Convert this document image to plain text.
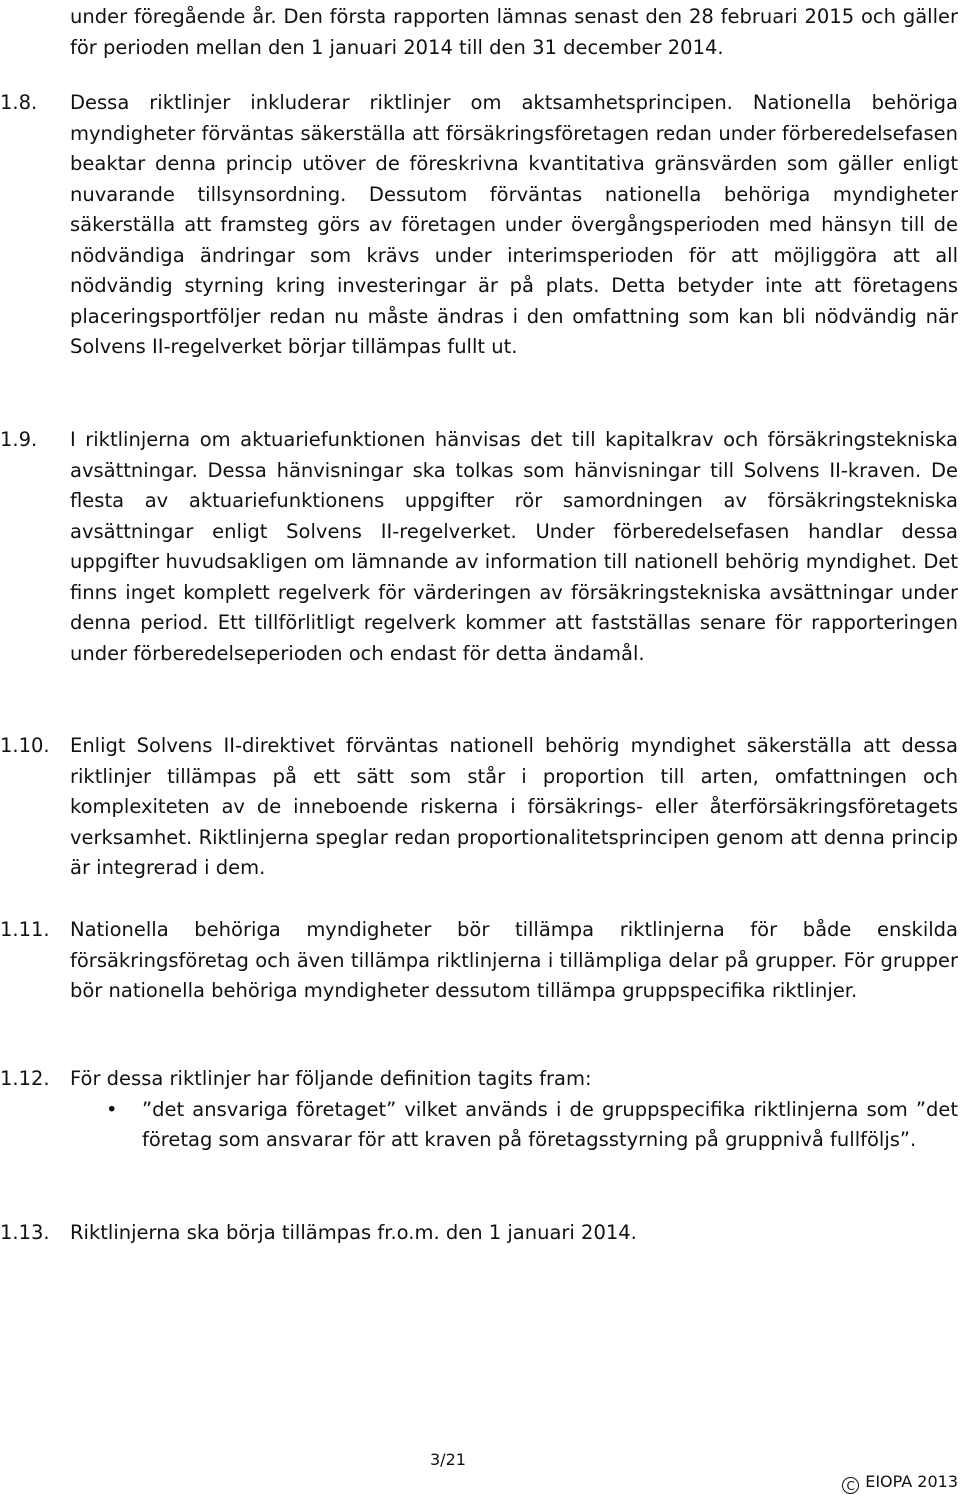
under föregående år. Den första rapporten lämnas senast den 28 februari 2015 och gäller för perioden mellan den 1 januari 2014 till den 31 december 2014.
1.8. Dessa riktlinjer inkluderar riktlinjer om aktsamhetsprincipen. Nationella behöriga myndigheter förväntas säkerställa att försäkringsföretagen redan under förberedelsefasen beaktar denna princip utöver de föreskrivna kvantitativa gränsvärden som gäller enligt nuvarande tillsynsordning. Dessutom förväntas nationella behöriga myndigheter säkerställa att framsteg görs av företagen under övergångsperioden med hänsyn till de nödvändiga ändringar som krävs under interimsperioden för att möjliggöra att all nödvändig styrning kring investeringar är på plats. Detta betyder inte att företagens placeringsportföljer redan nu måste ändras i den omfattning som kan bli nödvändig när Solvens II-regelverket börjar tillämpas fullt ut.
1.9. I riktlinjerna om aktuariefunktionen hänvisas det till kapitalkrav och försäkringstekniska avsättningar. Dessa hänvisningar ska tolkas som hänvisningar till Solvens II-kraven. De flesta av aktuariefunktionens uppgifter rör samordningen av försäkringstekniska avsättningar enligt Solvens II-regelverket. Under förberedelsefasen handlar dessa uppgifter huvudsakligen om lämnande av information till nationell behörig myndighet. Det finns inget komplett regelverk för värderingen av försäkringstekniska avsättningar under denna period. Ett tillförlitligt regelverk kommer att fastställas senare för rapporteringen under förberedelseperioden och endast för detta ändamål.
1.10. Enligt Solvens II-direktivet förväntas nationell behörig myndighet säkerställa att dessa riktlinjer tillämpas på ett sätt som står i proportion till arten, omfattningen och komplexiteten av de inneboende riskerna i försäkrings- eller återförsäkringsföretagets verksamhet. Riktlinjerna speglar redan proportionalitetsprincipen genom att denna princip är integrerad i dem.
1.11. Nationella behöriga myndigheter bör tillämpa riktlinjerna för både enskilda försäkringsföretag och även tillämpa riktlinjerna i tillämpliga delar på grupper. För grupper bör nationella behöriga myndigheter dessutom tillämpa gruppspecifika riktlinjer.
1.12. För dessa riktlinjer har följande definition tagits fram:
• ”det ansvariga företaget” vilket används i de gruppspecifika riktlinjerna som ”det företag som ansvarar för att kraven på företagsstyrning på gruppnivå fullföljs”.
1.13. Riktlinjerna ska börja tillämpas fr.o.m. den 1 januari 2014.
3/21
C EIOPA 2013
